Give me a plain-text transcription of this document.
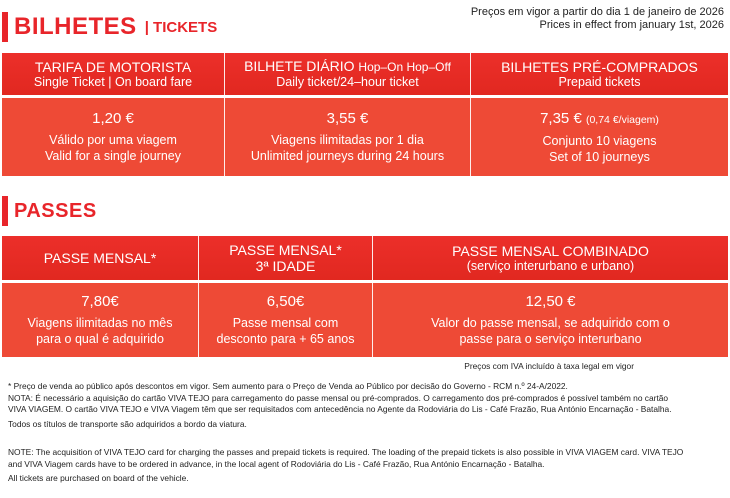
BILHETES | TICKETS
Preços em vigor a partir do dia 1 de janeiro de 2026
Prices in effect from january 1st, 2026
TARIFA DE MOTORISTA
Single Ticket | On board fare
BILHETE DIÁRIO Hop–On Hop–Off
Daily ticket/24–hour ticket
BILHETES PRÉ-COMPRADOS
Prepaid tickets
1,20 €
Válido por uma viagem
Valid for a single journey
3,55 €
Viagens ilimitadas por 1 dia
Unlimited journeys during 24 hours
7,35 € (0,74 €/viagem)
Conjunto 10 viagens
Set of 10 journeys
PASSES
PASSE MENSAL*	PASSE MENSAL*
3ª IDADE
PASSE MENSAL COMBINADO
(serviço interurbano e urbano)
7,80€
Viagens ilimitadas no mês
para o qual é adquirido
6,50€
Passe mensal com
desconto para + 65 anos
12,50 €
Valor do passe mensal, se adquirido com o
passe para o serviço interurbano
Preços com IVA incluído à taxa legal em vigor
* Preço de venda ao público após descontos em vigor. Sem aumento para o Preço de Venda ao Público por decisão do Governo - RCM n.º 24-A/2022.
NOTA: É necessário a aquisição do cartão VIVA TEJO para carregamento do passe mensal ou pré-comprados. O carregamento dos pré-comprados é possível também no cartão
VIVA VIAGEM. O cartão VIVA TEJO e VIVA Viagem têm que ser requisitados com antecedência no Agente da Rodoviária do Lis - Café Frazão, Rua António Encarnação - Batalha.
Todos os títulos de transporte são adquiridos a bordo da viatura.
NOTE: The acquisition of VIVA TEJO card for charging the passes and prepaid tickets is required. The loading of the prepaid tickets is also possible in VIVA VIAGEM card. VIVA TEJO
and VIVA Viagem cards have to be ordered in advance, in the local agent of Rodoviária do Lis - Café Frazão, Rua António Encarnação - Batalha.
All tickets are purchased on board of the vehicle.
